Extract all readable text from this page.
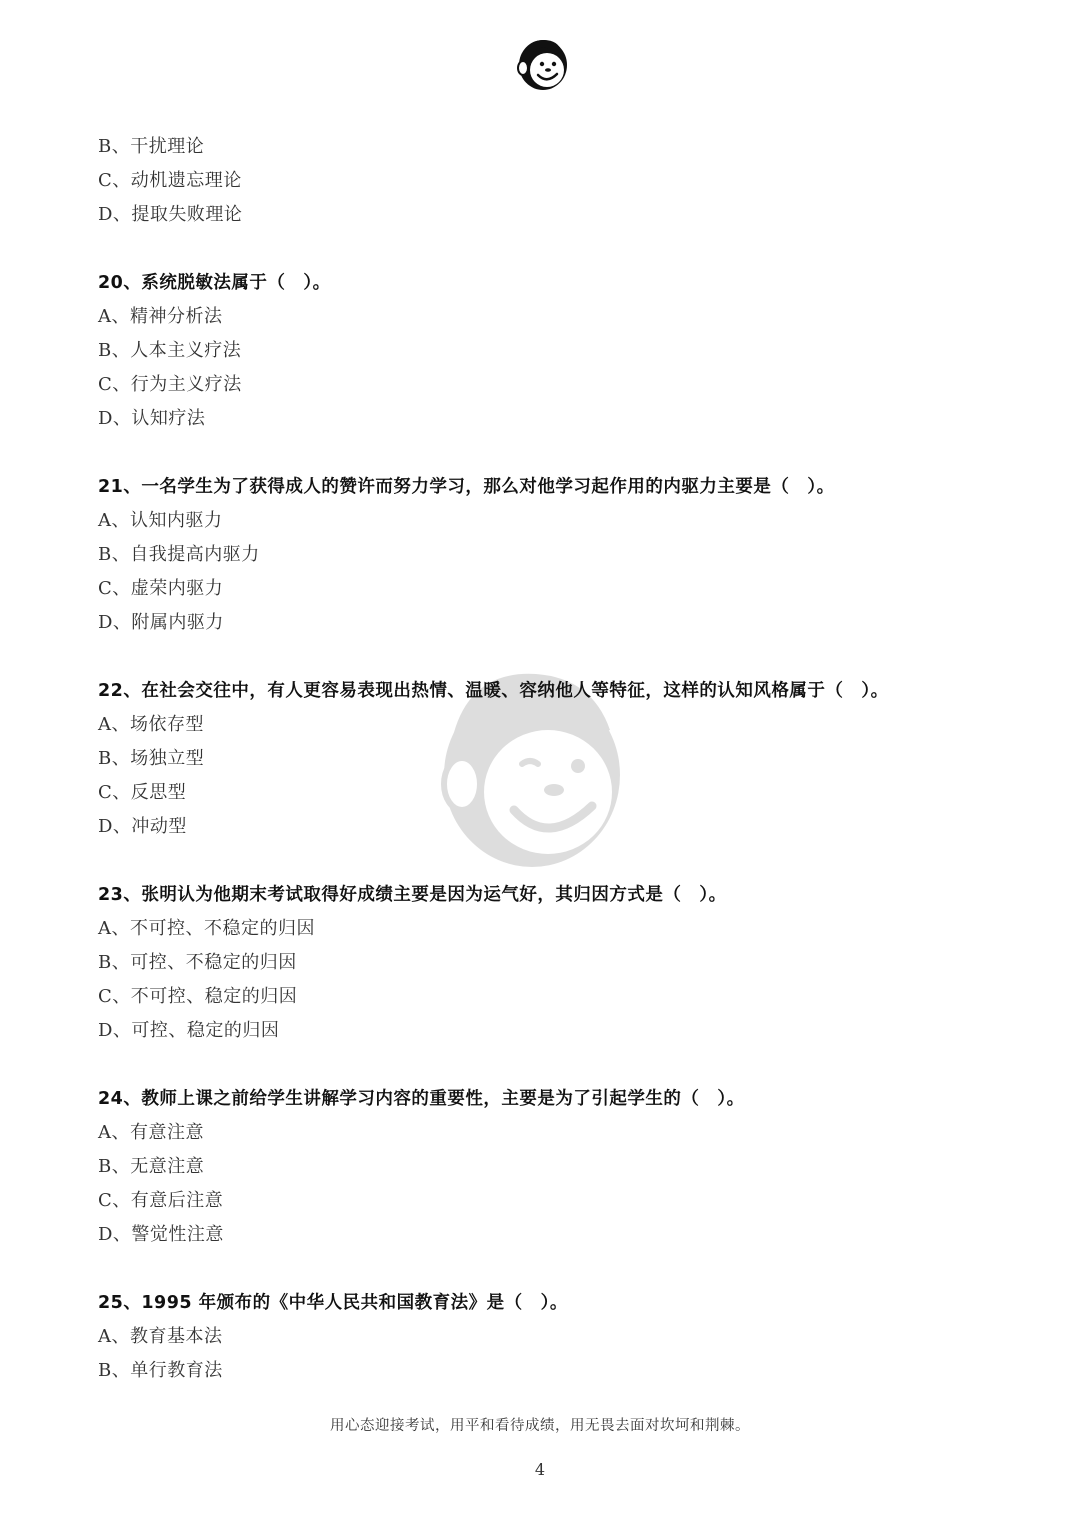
B、干扰理论
C、动机遗忘理论
D、提取失败理论
20、系统脱敏法属于（　）。
A、精神分析法
B、人本主义疗法
C、行为主义疗法
D、认知疗法
21、一名学生为了获得成人的赞许而努力学习，那么对他学习起作用的内驱力主要是（　）。
A、认知内驱力
B、自我提高内驱力
C、虚荣内驱力
D、附属内驱力
22、在社会交往中，有人更容易表现出热情、温暖、容纳他人等特征，这样的认知风格属于（　）。
A、场依存型
B、场独立型
C、反思型
D、冲动型
23、张明认为他期末考试取得好成绩主要是因为运气好，其归因方式是（　）。
A、不可控、不稳定的归因
B、可控、不稳定的归因
C、不可控、稳定的归因
D、可控、稳定的归因
24、教师上课之前给学生讲解学习内容的重要性，主要是为了引起学生的（　）。
A、有意注意
B、无意注意
C、有意后注意
D、警觉性注意
25、1995 年颁布的《中华人民共和国教育法》是（　）。
A、教育基本法
B、单行教育法
用心态迎接考试，用平和看待成绩，用无畏去面对坎坷和荆棘。
4
